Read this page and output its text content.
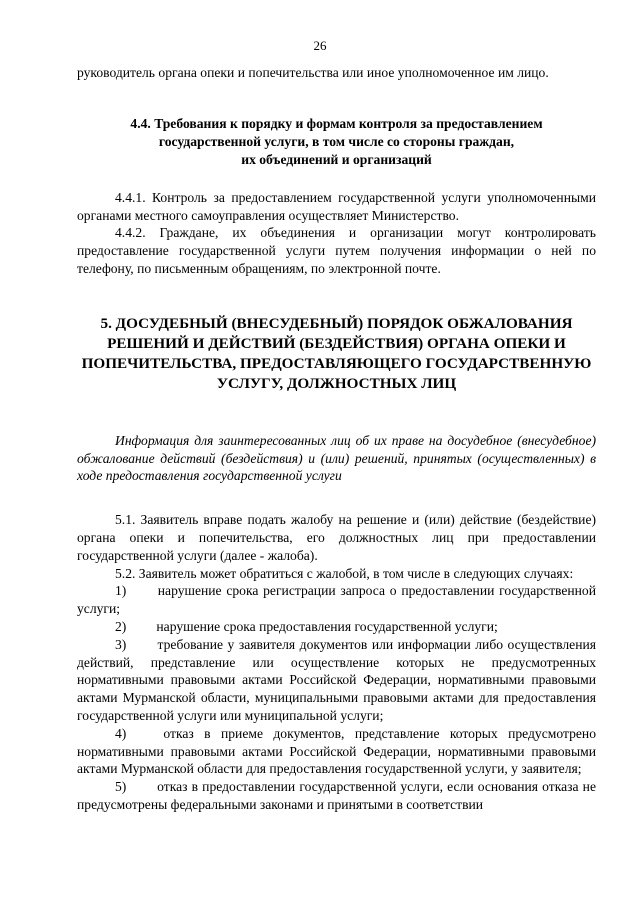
26

руководитель органа опеки и попечительства или иное уполномоченное им лицо.

4.4. Требования к порядку и формам контроля за предоставлением
государственной услуги, в том числе со стороны граждан,
их объединений и организаций

4.4.1. Контроль за предоставлением государственной услуги уполномоченными органами местного самоуправления осуществляет Министерство.

4.4.2. Граждане, их объединения и организации могут контролировать предоставление государственной услуги путем получения информации о ней по телефону, по письменным обращениям, по электронной почте.

5. ДОСУДЕБНЫЙ (ВНЕСУДЕБНЫЙ) ПОРЯДОК ОБЖАЛОВАНИЯ
РЕШЕНИЙ И ДЕЙСТВИЙ (БЕЗДЕЙСТВИЯ) ОРГАНА ОПЕКИ И
ПОПЕЧИТЕЛЬСТВА, ПРЕДОСТАВЛЯЮЩЕГО ГОСУДАРСТВЕННУЮ
УСЛУГУ, ДОЛЖНОСТНЫХ ЛИЦ

Информация для заинтересованных лиц об их праве на досудебное (внесудебное) обжалование действий (бездействия) и (или) решений, принятых (осуществленных) в ходе предоставления государственной услуги

5.1. Заявитель вправе подать жалобу на решение и (или) действие (бездействие) органа опеки и попечительства, его должностных лиц при предоставлении государственной услуги (далее - жалоба).

5.2. Заявитель может обратиться с жалобой, в том числе в следующих случаях:

1) нарушение срока регистрации запроса о предоставлении государственной услуги;

2) нарушение срока предоставления государственной услуги;

3) требование у заявителя документов или информации либо осуществления действий, представление или осуществление которых не предусмотренных нормативными правовыми актами Российской Федерации, нормативными правовыми актами Мурманской области, муниципальными правовыми актами для предоставления государственной услуги или муниципальной услуги;

4)	отказ в приеме документов, представление которых предусмотрено нормативными правовыми актами Российской Федерации, нормативными правовыми актами Мурманской области для предоставления государственной услуги, у заявителя;

5) отказ в предоставлении государственной услуги, если основания отказа не предусмотрены федеральными законами и принятыми в соответствии
